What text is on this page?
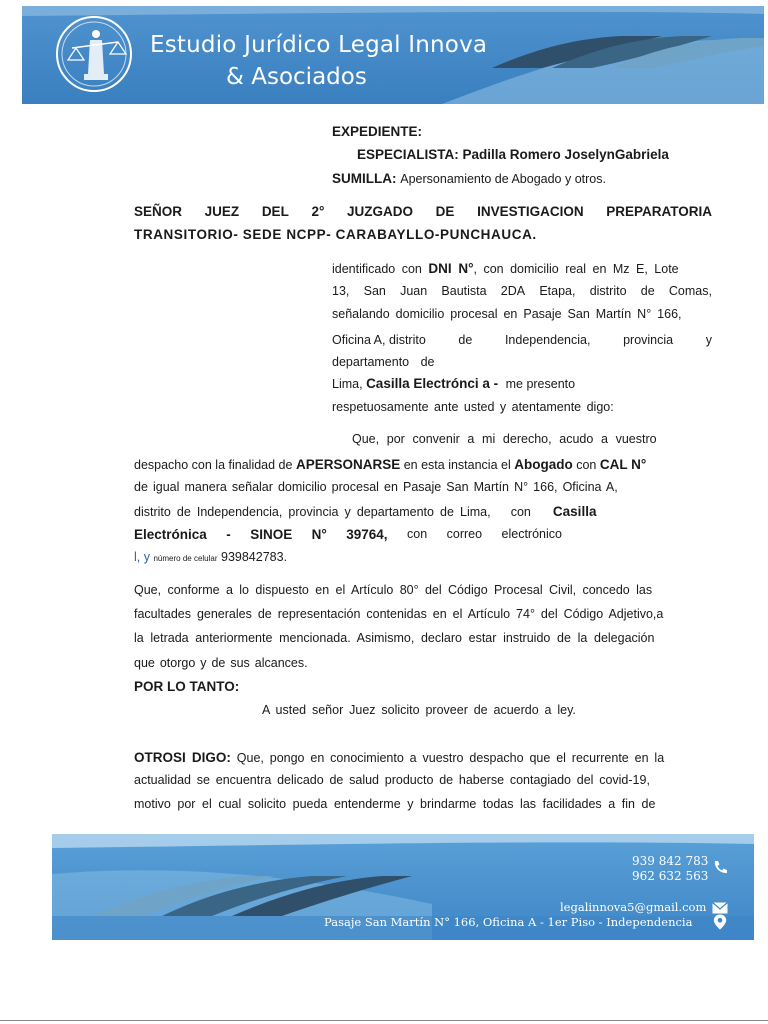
Estudio Jurídico Legal Innova
& Asociados
EXPEDIENTE:
ESPECIALISTA: Padilla Romero JoselynGabriela
SUMILLA: Apersonamiento de Abogado y otros.
SEÑOR JUEZ DEL 2° JUZGADO DE INVESTIGACION PREPARATORIA
TRANSITORIO- SEDE NCPP- CARABAYLLO-PUNCHAUCA.
identificado con DNI N°, con domicilio real en Mz E, Lote
13, San Juan Bautista 2DA Etapa, distrito de Comas,
señalando domicilio procesal en Pasaje San Martín N° 166,
Oficina A, distrito	de	Independencia,	provincia	y
departamento de
Lima, Casilla Electrónci a - me presento
respetuosamente ante usted y atentamente digo:
Que, por convenir a mi derecho, acudo a vuestro
despacho con la finalidad de APERSONARSE en esta instancia el Abogado con CAL N°
de igual manera señalar domicilio procesal en Pasaje San Martín N° 166, Oficina A,
distrito de Independencia, provincia y departamento de Lima, con Casilla
Electrónica - SINOE N° 39764, con correo electrónico
l, y número de celular 939842783.
Que, conforme a lo dispuesto en el Artículo 80° del Código Procesal Civil, concedo las
facultades generales de representación contenidas en el Artículo 74° del Código Adjetivo,a
la letrada anteriormente mencionada. Asimismo, declaro estar instruido de la delegación
que otorgo y de sus alcances.
POR LO TANTO:
A usted señor Juez solicito proveer de acuerdo a ley.
OTROSI DIGO: Que, pongo en conocimiento a vuestro despacho que el recurrente en la
actualidad se encuentra delicado de salud producto de haberse contagiado del covid-19,
motivo por el cual solicito pueda entenderme y brindarme todas las facilidades a fin de
939 842 783
962 632 563
legalinnova5@gmail.com
Pasaje San Martín N° 166, Oficina A - 1er Piso - Independencia
